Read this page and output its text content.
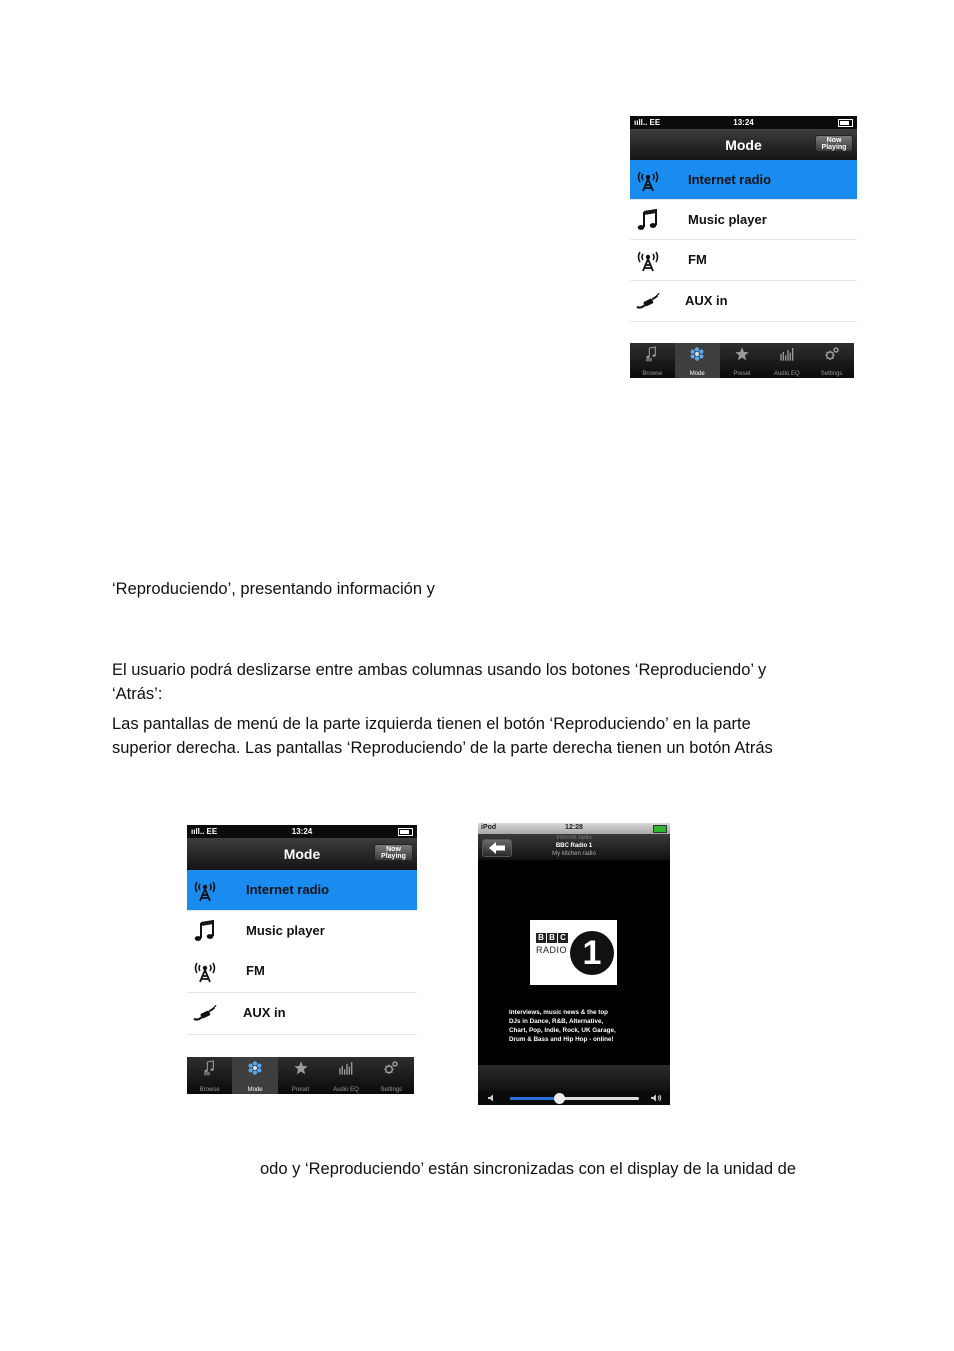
ııll.. EE	13:24
Mode	Now Playing
Internet radio
Music player
FM
AUX in
Browse	Mode	Preset	Audio EQ	Settings

‘Reproduciendo’, presentando información y

El usuario podrá deslizarse entre ambas columnas usando los botones ‘Reproduciendo’ y

‘Atrás’:

Las pantallas de menú de la parte izquierda tienen el botón ‘Reproduciendo’ en la parte

superior derecha. Las pantallas ‘Reproduciendo’ de la parte derecha tienen un botón Atrás

ııll.. EE	13:24
Mode	Now Playing
Internet radio
Music player
FM
AUX in
Browse	Mode	Preset	Audio EQ	Settings
iPod	12:28
Internet radio
BBC Radio 1
My kitchen radio
B B C
RADIO 1
Interviews, music news & the top
DJs in Dance, R&B, Alternative,
Chart, Pop, Indie, Rock, UK Garage,
Drum & Bass and Hip Hop - online!

odo y ‘Reproduciendo’ están sincronizadas con el display de la unidad de
